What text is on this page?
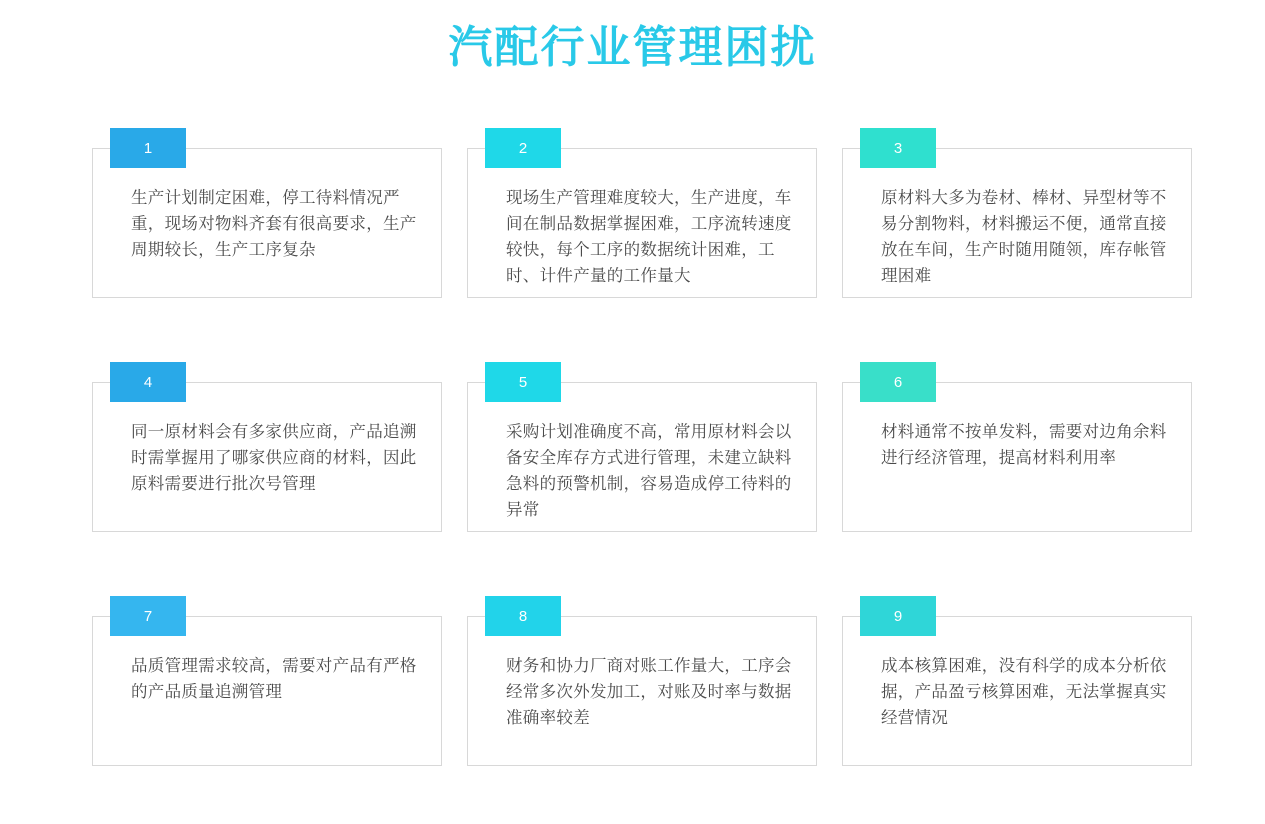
汽配行业管理困扰
生产计划制定困难，停工待料情况严重，现场对物料齐套有很高要求，生产周期较长，生产工序复杂
1
现场生产管理难度较大，生产进度，车间在制品数据掌握困难，工序流转速度较快，每个工序的数据统计困难，工时、计件产量的工作量大
2
原材料大多为卷材、棒材、异型材等不易分割物料，材料搬运不便，通常直接放在车间，生产时随用随领，库存帐管理困难
3
同一原材料会有多家供应商，产品追溯时需掌握用了哪家供应商的材料，因此原料需要进行批次号管理
4
采购计划准确度不高，常用原材料会以备安全库存方式进行管理，未建立缺料急料的预警机制，容易造成停工待料的异常
5
材料通常不按单发料，需要对边角余料进行经济管理，提高材料利用率
6
品质管理需求较高，需要对产品有严格的产品质量追溯管理
7
财务和协力厂商对账工作量大，工序会经常多次外发加工，对账及时率与数据准确率较差
8
成本核算困难，没有科学的成本分析依据，产品盈亏核算困难，无法掌握真实经营情况
9
